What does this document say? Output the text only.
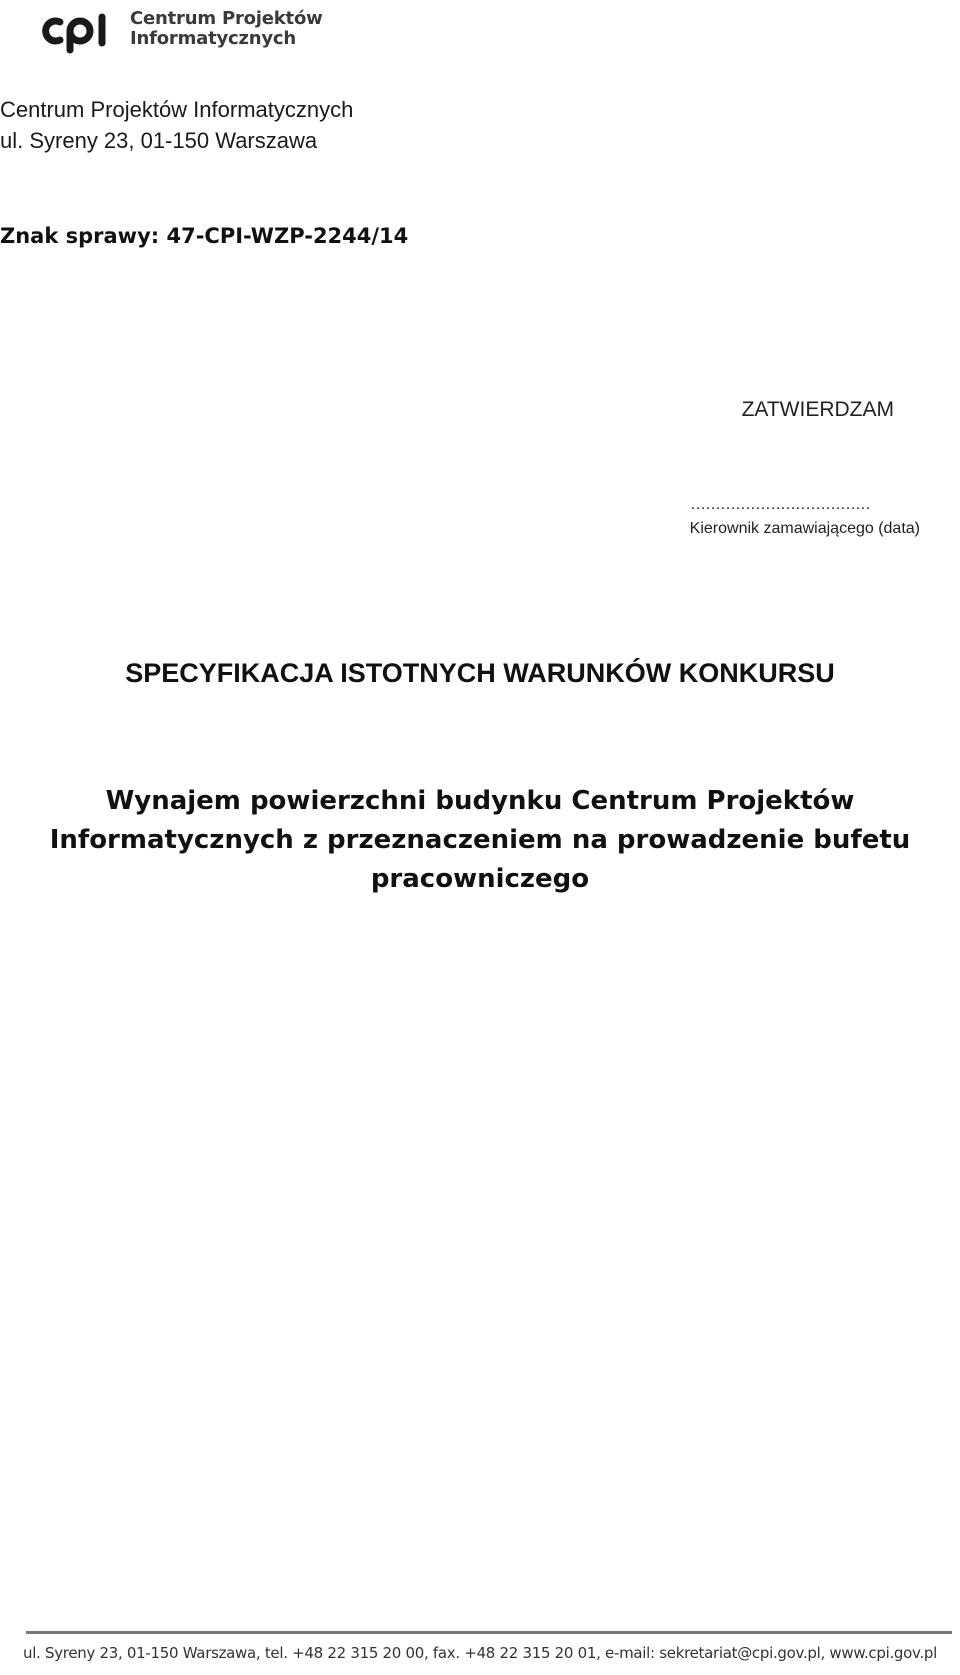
Centrum Projektów
Informatycznych
Centrum Projektów Informatycznych
ul. Syreny 23, 01-150 Warszawa
Znak sprawy: 47-CPI-WZP-2244/14
ZATWIERDZAM
………………………………
Kierownik zamawiającego (data)
SPECYFIKACJA ISTOTNYCH WARUNKÓW KONKURSU
Wynajem powierzchni budynku Centrum Projektów
Informatycznych z przeznaczeniem na prowadzenie bufetu
pracowniczego
ul. Syreny 23, 01-150 Warszawa, tel. +48 22 315 20 00, fax. +48 22 315 20 01, e-mail: sekretariat@cpi.gov.pl, www.cpi.gov.pl
